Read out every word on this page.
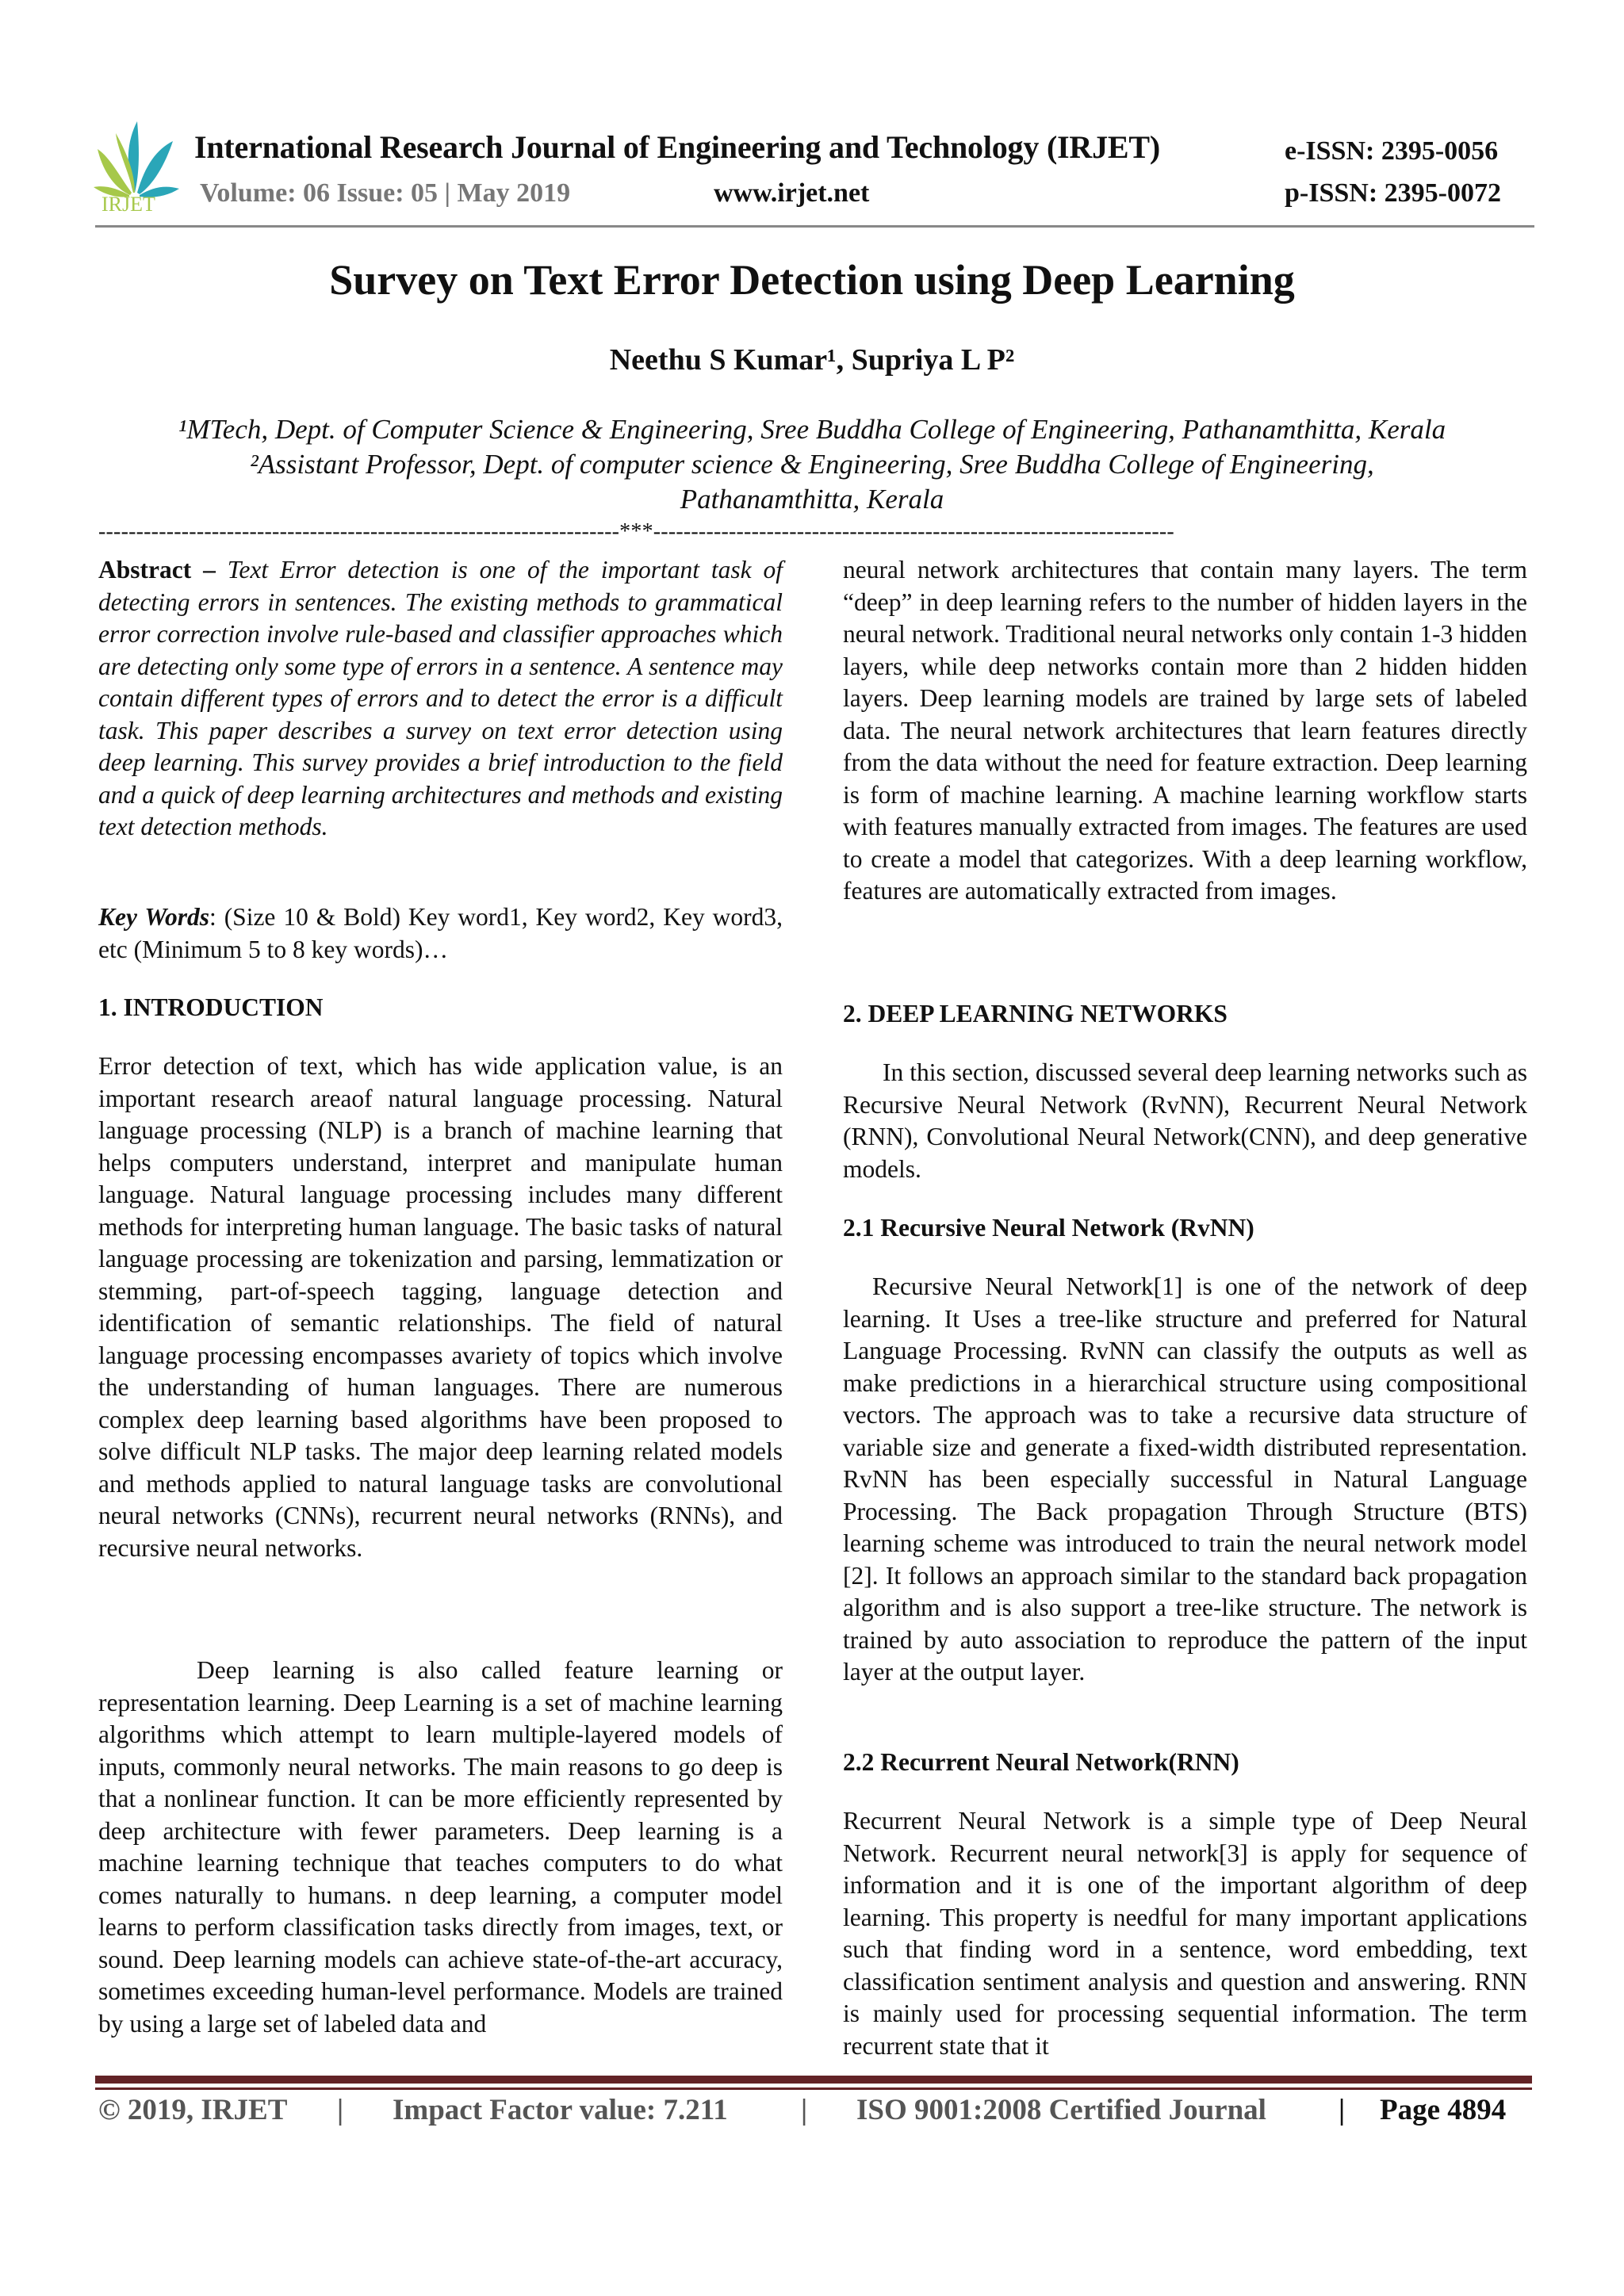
IRJET
International Research Journal of Engineering and Technology (IRJET)	e-ISSN: 2395-0056
Volume: 06 Issue: 05 | May 2019	www.irjet.net	p-ISSN: 2395-0072
Survey on Text Error Detection using Deep Learning
Neethu S Kumar¹, Supriya L P²
¹MTech, Dept. of Computer Science & Engineering, Sree Buddha College of Engineering, Pathanamthitta, Kerala
²Assistant Professor, Dept. of computer science & Engineering, Sree Buddha College of Engineering,
Pathanamthitta, Kerala
---------------------------------------------------------------------***---------------------------------------------------------------------
Abstract – Text Error detection is one of the important task of detecting errors in sentences. The existing methods to grammatical error correction involve rule-based and classifier approaches which are detecting only some type of errors in a sentence. A sentence may contain different types of errors and to detect the error is a difficult task. This paper describes a survey on text error detection using deep learning. This survey provides a brief introduction to the field and a quick of deep learning architectures and methods and existing text detection methods.
Key Words: (Size 10 & Bold) Key word1, Key word2, Key word3, etc (Minimum 5 to 8 key words)…
1. INTRODUCTION
Error detection of text, which has wide application value, is an important research areaof natural language processing. Natural language processing (NLP) is a branch of machine learning that helps computers understand, interpret and manipulate human language. Natural language processing includes many different methods for interpreting human language. The basic tasks of natural language processing are tokenization and parsing, lemmatization or stemming, part-of-speech tagging, language detection and identification of semantic relationships. The field of natural language processing encompasses avariety of topics which involve the understanding of human languages. There are numerous complex deep learning based algorithms have been proposed to solve difficult NLP tasks. The major deep learning related models and methods applied to natural language tasks are convolutional neural networks (CNNs), recurrent neural networks (RNNs), and recursive neural networks.
Deep learning is also called feature learning or representation learning. Deep Learning is a set of machine learning algorithms which attempt to learn multiple-layered models of inputs, commonly neural networks. The main reasons to go deep is that a nonlinear function. It can be more efficiently represented by deep architecture with fewer parameters. Deep learning is a machine learning technique that teaches computers to do what comes naturally to humans. n deep learning, a computer model learns to perform classification tasks directly from images, text, or sound. Deep learning models can achieve state-of-the-art accuracy, sometimes exceeding human-level performance. Models are trained by using a large set of labeled data and
neural network architectures that contain many layers. The term “deep” in deep learning refers to the number of hidden layers in the neural network. Traditional neural networks only contain 1-3 hidden layers, while deep networks contain more than 2 hidden hidden layers. Deep learning models are trained by large sets of labeled data. The neural network architectures that learn features directly from the data without the need for feature extraction. Deep learning is form of machine learning. A machine learning workflow starts with features manually extracted from images. The features are used to create a model that categorizes. With a deep learning workflow, features are automatically extracted from images.
2. DEEP LEARNING NETWORKS
In this section, discussed several deep learning networks such as Recursive Neural Network (RvNN), Recurrent Neural Network (RNN), Convolutional Neural Network(CNN), and deep generative models.
2.1 Recursive Neural Network (RvNN)
Recursive Neural Network[1] is one of the network of deep learning. It Uses a tree-like structure and preferred for Natural Language Processing. RvNN can classify the outputs as well as make predictions in a hierarchical structure using compositional vectors. The approach was to take a recursive data structure of variable size and generate a fixed-width distributed representation. RvNN has been especially successful in Natural Language Processing. The Back propagation Through Structure (BTS) learning scheme was introduced to train the neural network model [2]. It follows an approach similar to the standard back propagation algorithm and is also support a tree-like structure. The network is trained by auto association to reproduce the pattern of the input layer at the output layer.
2.2 Recurrent Neural Network(RNN)
Recurrent Neural Network is a simple type of Deep Neural Network. Recurrent neural network[3] is apply for sequence of information and it is one of the important algorithm of deep learning. This property is needful for many important applications such that finding word in a sentence, word embedding, text classification sentiment analysis and question and answering. RNN is mainly used for processing sequential information. The term recurrent state that it
© 2019, IRJET | Impact Factor value: 7.211 | ISO 9001:2008 Certified Journal | Page 4894
